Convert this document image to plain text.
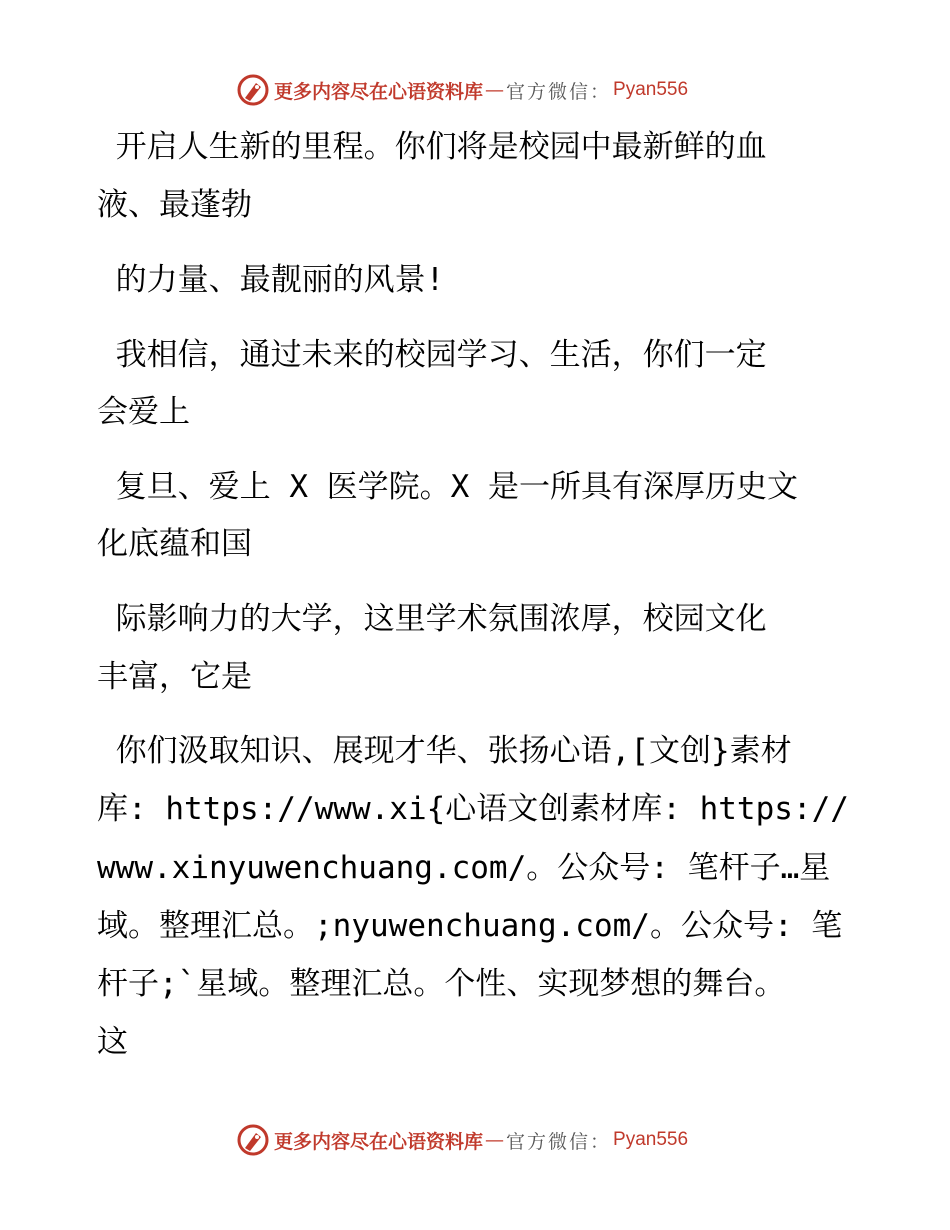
更多内容尽在心语资料库 — 官方微信： Pyan556
开启人生新的里程。你们将是校园中最新鲜的血
液、最蓬勃
的力量、最靓丽的风景!
我相信，通过未来的校园学习、生活，你们一定
会爱上
复旦、爱上 X 医学院。X 是一所具有深厚历史文
化底蕴和国
际影响力的大学，这里学术氛围浓厚，校园文化
丰富，它是
你们汲取知识、展现才华、张扬心语,[文创}素材
库: https://www.xi{心语文创素材库: https://
www.xinyuwenchuang.com/。公众号: 笔杆子…星
域。整理汇总。;nyuwenchuang.com/。公众号: 笔
杆子;`星域。整理汇总。个性、实现梦想的舞台。
这
更多内容尽在心语资料库 — 官方微信： Pyan556
